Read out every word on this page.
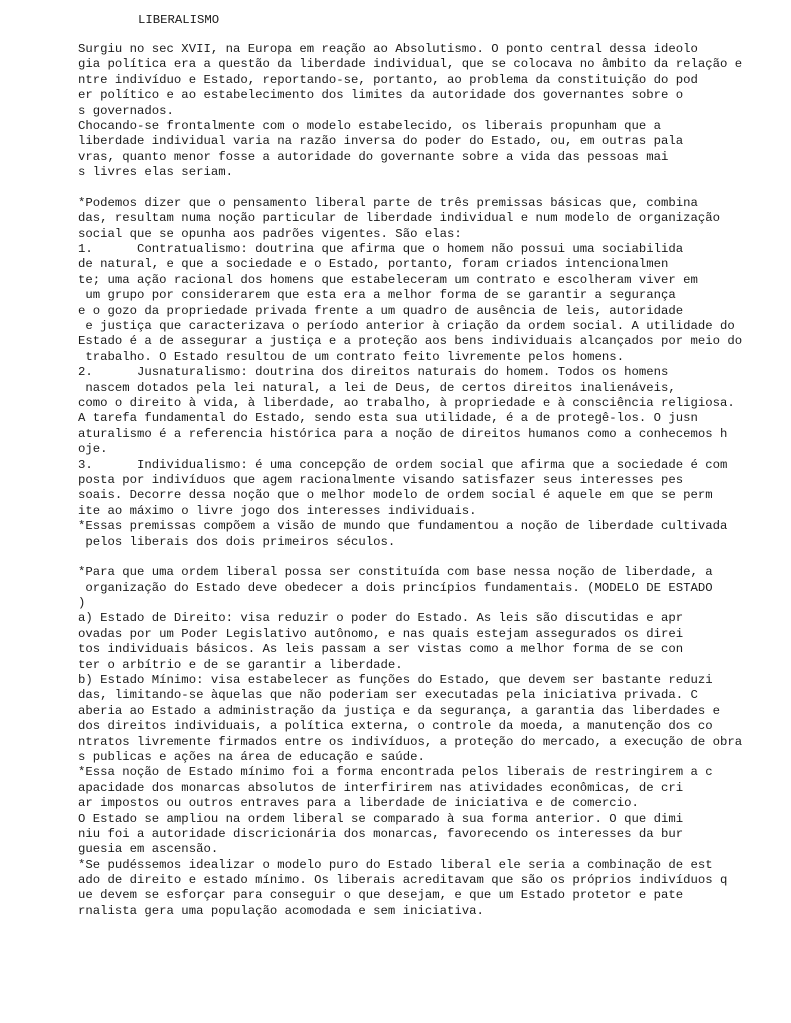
LIBERALISMO
Surgiu no sec XVII, na Europa em reação ao Absolutismo. O ponto central dessa ideolo
gia política era a questão da liberdade individual, que se colocava no âmbito da relação e
ntre indivíduo e Estado, reportando-se, portanto, ao problema da constituição do pod
er político e ao estabelecimento dos limites da autoridade dos governantes sobre o
s governados.
Chocando-se frontalmente com o modelo estabelecido, os liberais propunham que a
liberdade individual varia na razão inversa do poder do Estado, ou, em outras pala
vras, quanto menor fosse a autoridade do governante sobre a vida das pessoas mai
s livres elas seriam.
*Podemos dizer que o pensamento liberal parte de três premissas básicas que, combina
das, resultam numa noção particular de liberdade individual e num modelo de organização
social que se opunha aos padrões vigentes. São elas:
1.      Contratualismo: doutrina que afirma que o homem não possui uma sociabilida
de natural, e que a sociedade e o Estado, portanto, foram criados intencionalmen
te; uma ação racional dos homens que estabeleceram um contrato e escolheram viver em
um grupo por considerarem que esta era a melhor forma de se garantir a segurança
e o gozo da propriedade privada frente a um quadro de ausência de leis, autoridade
e justiça que caracterizava o período anterior à criação da ordem social. A utilidade do
Estado é a de assegurar a justiça e a proteção aos bens individuais alcançados por meio do
trabalho. O Estado resultou de um contrato feito livremente pelos homens.
2.      Jusnaturalismo: doutrina dos direitos naturais do homem. Todos os homens
nascem dotados pela lei natural, a lei de Deus, de certos direitos inalienáveis,
como o direito à vida, à liberdade, ao trabalho, à propriedade e à consciência religiosa.
A tarefa fundamental do Estado, sendo esta sua utilidade, é a de protegê-los. O jusn
aturalismo é a referencia histórica para a noção de direitos humanos como a conhecemos h
oje.
3.      Individualismo: é uma concepção de ordem social que afirma que a sociedade é com
posta por indivíduos que agem racionalmente visando satisfazer seus interesses pes
soais. Decorre dessa noção que o melhor modelo de ordem social é aquele em que se perm
ite ao máximo o livre jogo dos interesses individuais.
*Essas premissas compõem a visão de mundo que fundamentou a noção de liberdade cultivada
pelos liberais dos dois primeiros séculos.
*Para que uma ordem liberal possa ser constituída com base nessa noção de liberdade, a
organização do Estado deve obedecer a dois princípios fundamentais. (MODELO DE ESTADO
)
a) Estado de Direito: visa reduzir o poder do Estado. As leis são discutidas e apr
ovadas por um Poder Legislativo autônomo, e nas quais estejam assegurados os direi
tos individuais básicos. As leis passam a ser vistas como a melhor forma de se con
ter o arbítrio e de se garantir a liberdade.
b) Estado Mínimo: visa estabelecer as funções do Estado, que devem ser bastante reduzi
das, limitando-se àquelas que não poderiam ser executadas pela iniciativa privada. C
aberia ao Estado a administração da justiça e da segurança, a garantia das liberdades e
dos direitos individuais, a política externa, o controle da moeda, a manutenção dos co
ntratos livremente firmados entre os indivíduos, a proteção do mercado, a execução de obra
s publicas e ações na área de educação e saúde.
*Essa noção de Estado mínimo foi a forma encontrada pelos liberais de restringirem a c
apacidade dos monarcas absolutos de interfirirem nas atividades econômicas, de cri
ar impostos ou outros entraves para a liberdade de iniciativa e de comercio.
O Estado se ampliou na ordem liberal se comparado à sua forma anterior. O que dimi
niu foi a autoridade discricionária dos monarcas, favorecendo os interesses da bur
guesia em ascensão.
*Se pudéssemos idealizar o modelo puro do Estado liberal ele seria a combinação de est
ado de direito e estado mínimo. Os liberais acreditavam que são os próprios indivíduos q
ue devem se esforçar para conseguir o que desejam, e que um Estado protetor e pate
rnalista gera uma população acomodada e sem iniciativa.
